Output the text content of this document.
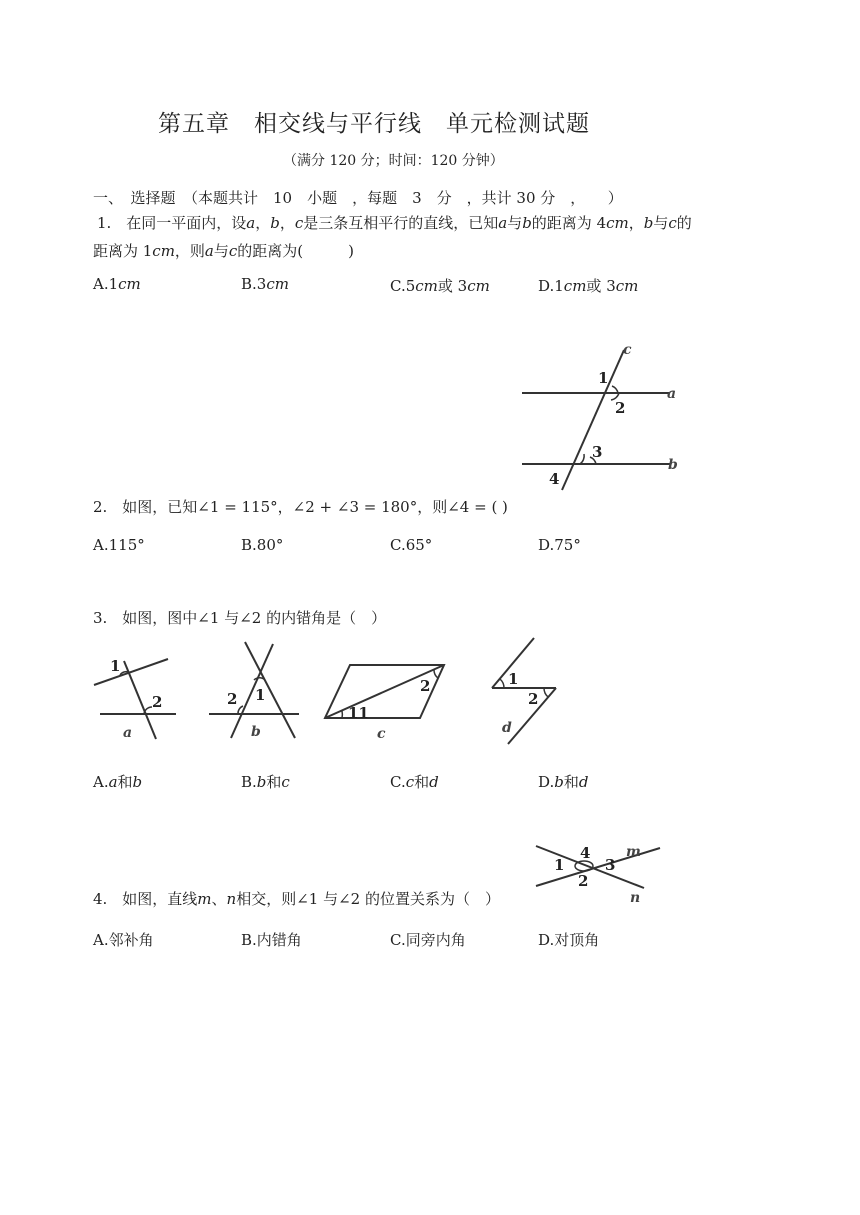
第五章　相交线与平行线　单元检测试题
（满分 120 分；时间：120 分钟）
一、　选择题　（本题共计　10　小题　，每题　3　分　，共计 30 分　，　　）
1.　在同一平面内，设𝑎，𝑏，𝑐是三条互相平行的直线，已知𝑎与𝑏的距离为 4𝑐𝑚，𝑏与𝑐的
距离为 1𝑐𝑚，则𝑎与𝑐的距离为(　　　)
A.1𝑐𝑚	B.3𝑐𝑚	C.5𝑐𝑚或 3𝑐𝑚	D.1𝑐𝑚或 3𝑐𝑚
c
a
b
1
2
3
4
2.　如图，已知∠1 = 115°，∠2 + ∠3 = 180°，则∠4 = ( )
A.115°	B.80°	C.65°	D.75°
3.　如图，图中∠1 与∠2 的内错角是（　）
1
2
a
1
2
b
2
11
c
1
2
d
A.𝑎和𝑏	B.𝑏和𝑐	C.𝑐和𝑑	D.𝑏和𝑑
4
1	3
2
m
n
4.　如图，直线𝑚、𝑛相交，则∠1 与∠2 的位置关系为（　）
A.邻补角	B.内错角	C.同旁内角	D.对顶角
